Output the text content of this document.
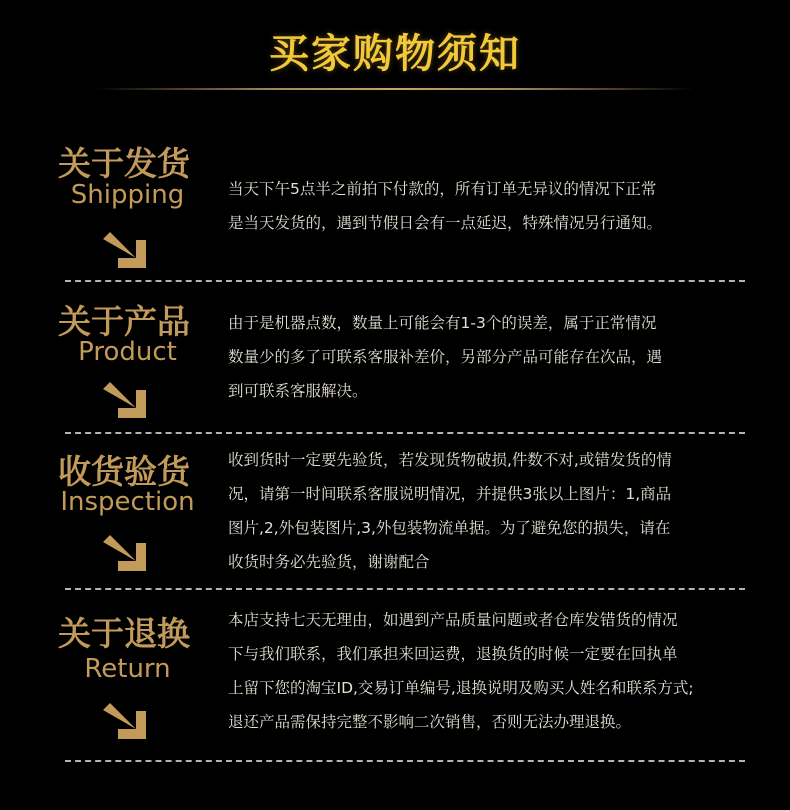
买家购物须知
关于发货
Shipping	当天下午5点半之前拍下付款的，所有订单无异议的情况下正常
是当天发货的，遇到节假日会有一点延迟，特殊情况另行通知。
关于产品
Product
由于是机器点数，数量上可能会有1-3个的误差，属于正常情况
数量少的多了可联系客服补差价，另部分产品可能存在次品，遇
到可联系客服解决。
收货验货
Inspection
收到货时一定要先验货，若发现货物破损,件数不对,或错发货的情
况，请第一时间联系客服说明情况，并提供3张以上图片：1,商品
图片,2,外包装图片,3,外包装物流单据。为了避免您的损失，请在
收货时务必先验货，谢谢配合
关于退换
Return
本店支持七天无理由，如遇到产品质量问题或者仓库发错货的情况
下与我们联系，我们承担来回运费，退换货的时候一定要在回执单
上留下您的淘宝ID,交易订单编号,退换说明及购买人姓名和联系方式;
退还产品需保持完整不影响二次销售，否则无法办理退换。
